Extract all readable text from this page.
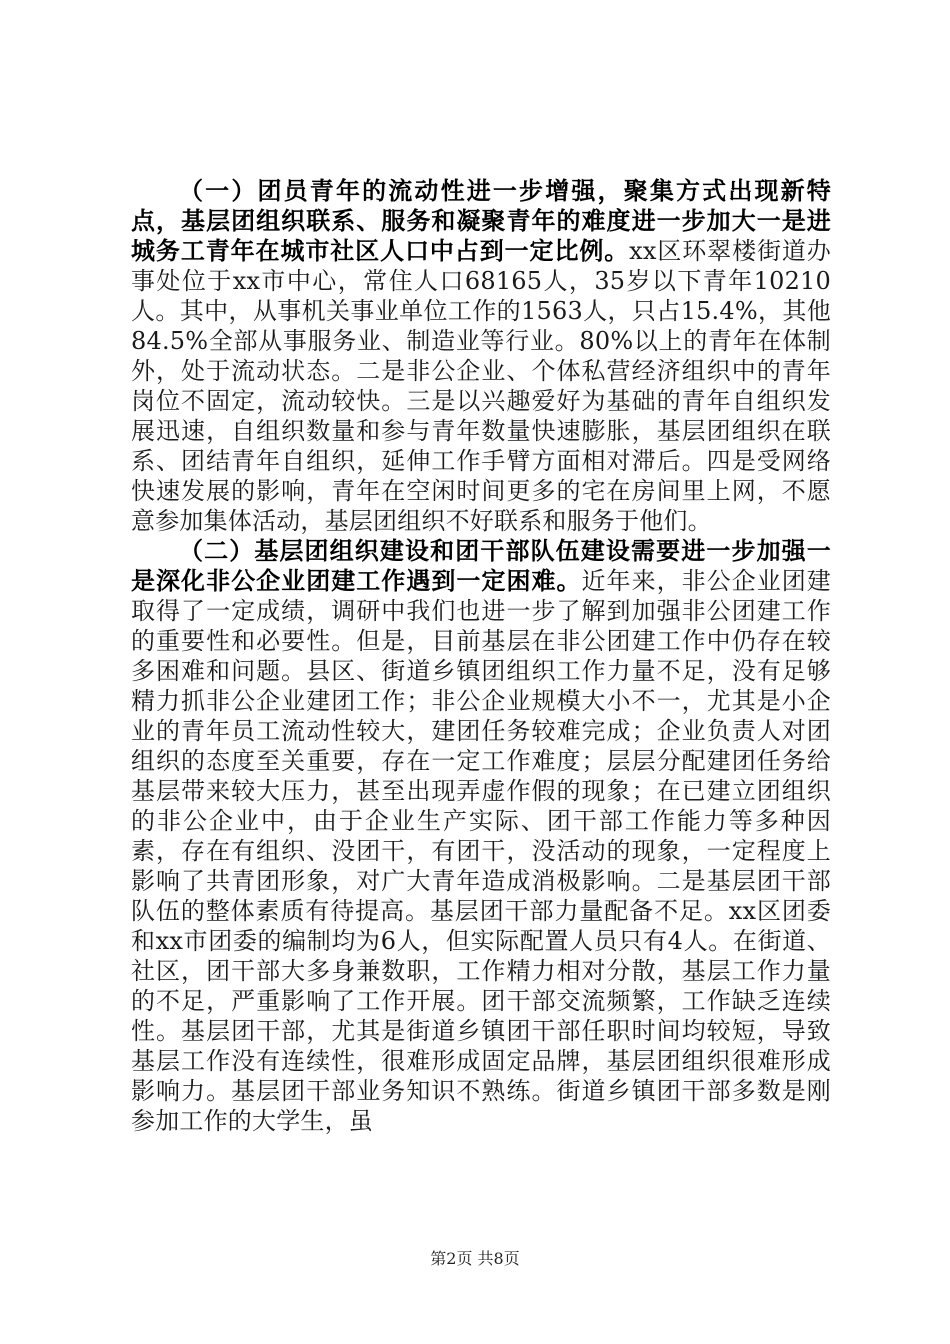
（一）团员青年的流动性进一步增强，聚集方式出现新特点，基层团组织联系、服务和凝聚青年的难度进一步加大一是进城务工青年在城市社区人口中占到一定比例。xx区环翠楼街道办事处位于xx市中心，常住人口68165人，35岁以下青年10210人。其中，从事机关事业单位工作的1563人，只占15.4%，其他84.5%全部从事服务业、制造业等行业。80%以上的青年在体制外，处于流动状态。二是非公企业、个体私营经济组织中的青年岗位不固定，流动较快。三是以兴趣爱好为基础的青年自组织发展迅速，自组织数量和参与青年数量快速膨胀，基层团组织在联系、团结青年自组织，延伸工作手臂方面相对滞后。四是受网络快速发展的影响，青年在空闲时间更多的宅在房间里上网，不愿意参加集体活动，基层团组织不好联系和服务于他们。

（二）基层团组织建设和团干部队伍建设需要进一步加强一是深化非公企业团建工作遇到一定困难。近年来，非公企业团建取得了一定成绩，调研中我们也进一步了解到加强非公团建工作的重要性和必要性。但是，目前基层在非公团建工作中仍存在较多困难和问题。县区、街道乡镇团组织工作力量不足，没有足够精力抓非公企业建团工作；非公企业规模大小不一，尤其是小企业的青年员工流动性较大，建团任务较难完成；企业负责人对团组织的态度至关重要，存在一定工作难度；层层分配建团任务给基层带来较大压力，甚至出现弄虚作假的现象；在已建立团组织的非公企业中，由于企业生产实际、团干部工作能力等多种因素，存在有组织、没团干，有团干，没活动的现象，一定程度上影响了共青团形象，对广大青年造成消极影响。二是基层团干部队伍的整体素质有待提高。基层团干部力量配备不足。xx区团委和xx市团委的编制均为6人，但实际配置人员只有4人。在街道、社区，团干部大多身兼数职，工作精力相对分散，基层工作力量的不足，严重影响了工作开展。团干部交流频繁，工作缺乏连续性。基层团干部，尤其是街道乡镇团干部任职时间均较短，导致基层工作没有连续性，很难形成固定品牌，基层团组织很难形成影响力。基层团干部业务知识不熟练。街道乡镇团干部多数是刚参加工作的大学生，虽

第2页 共8页
